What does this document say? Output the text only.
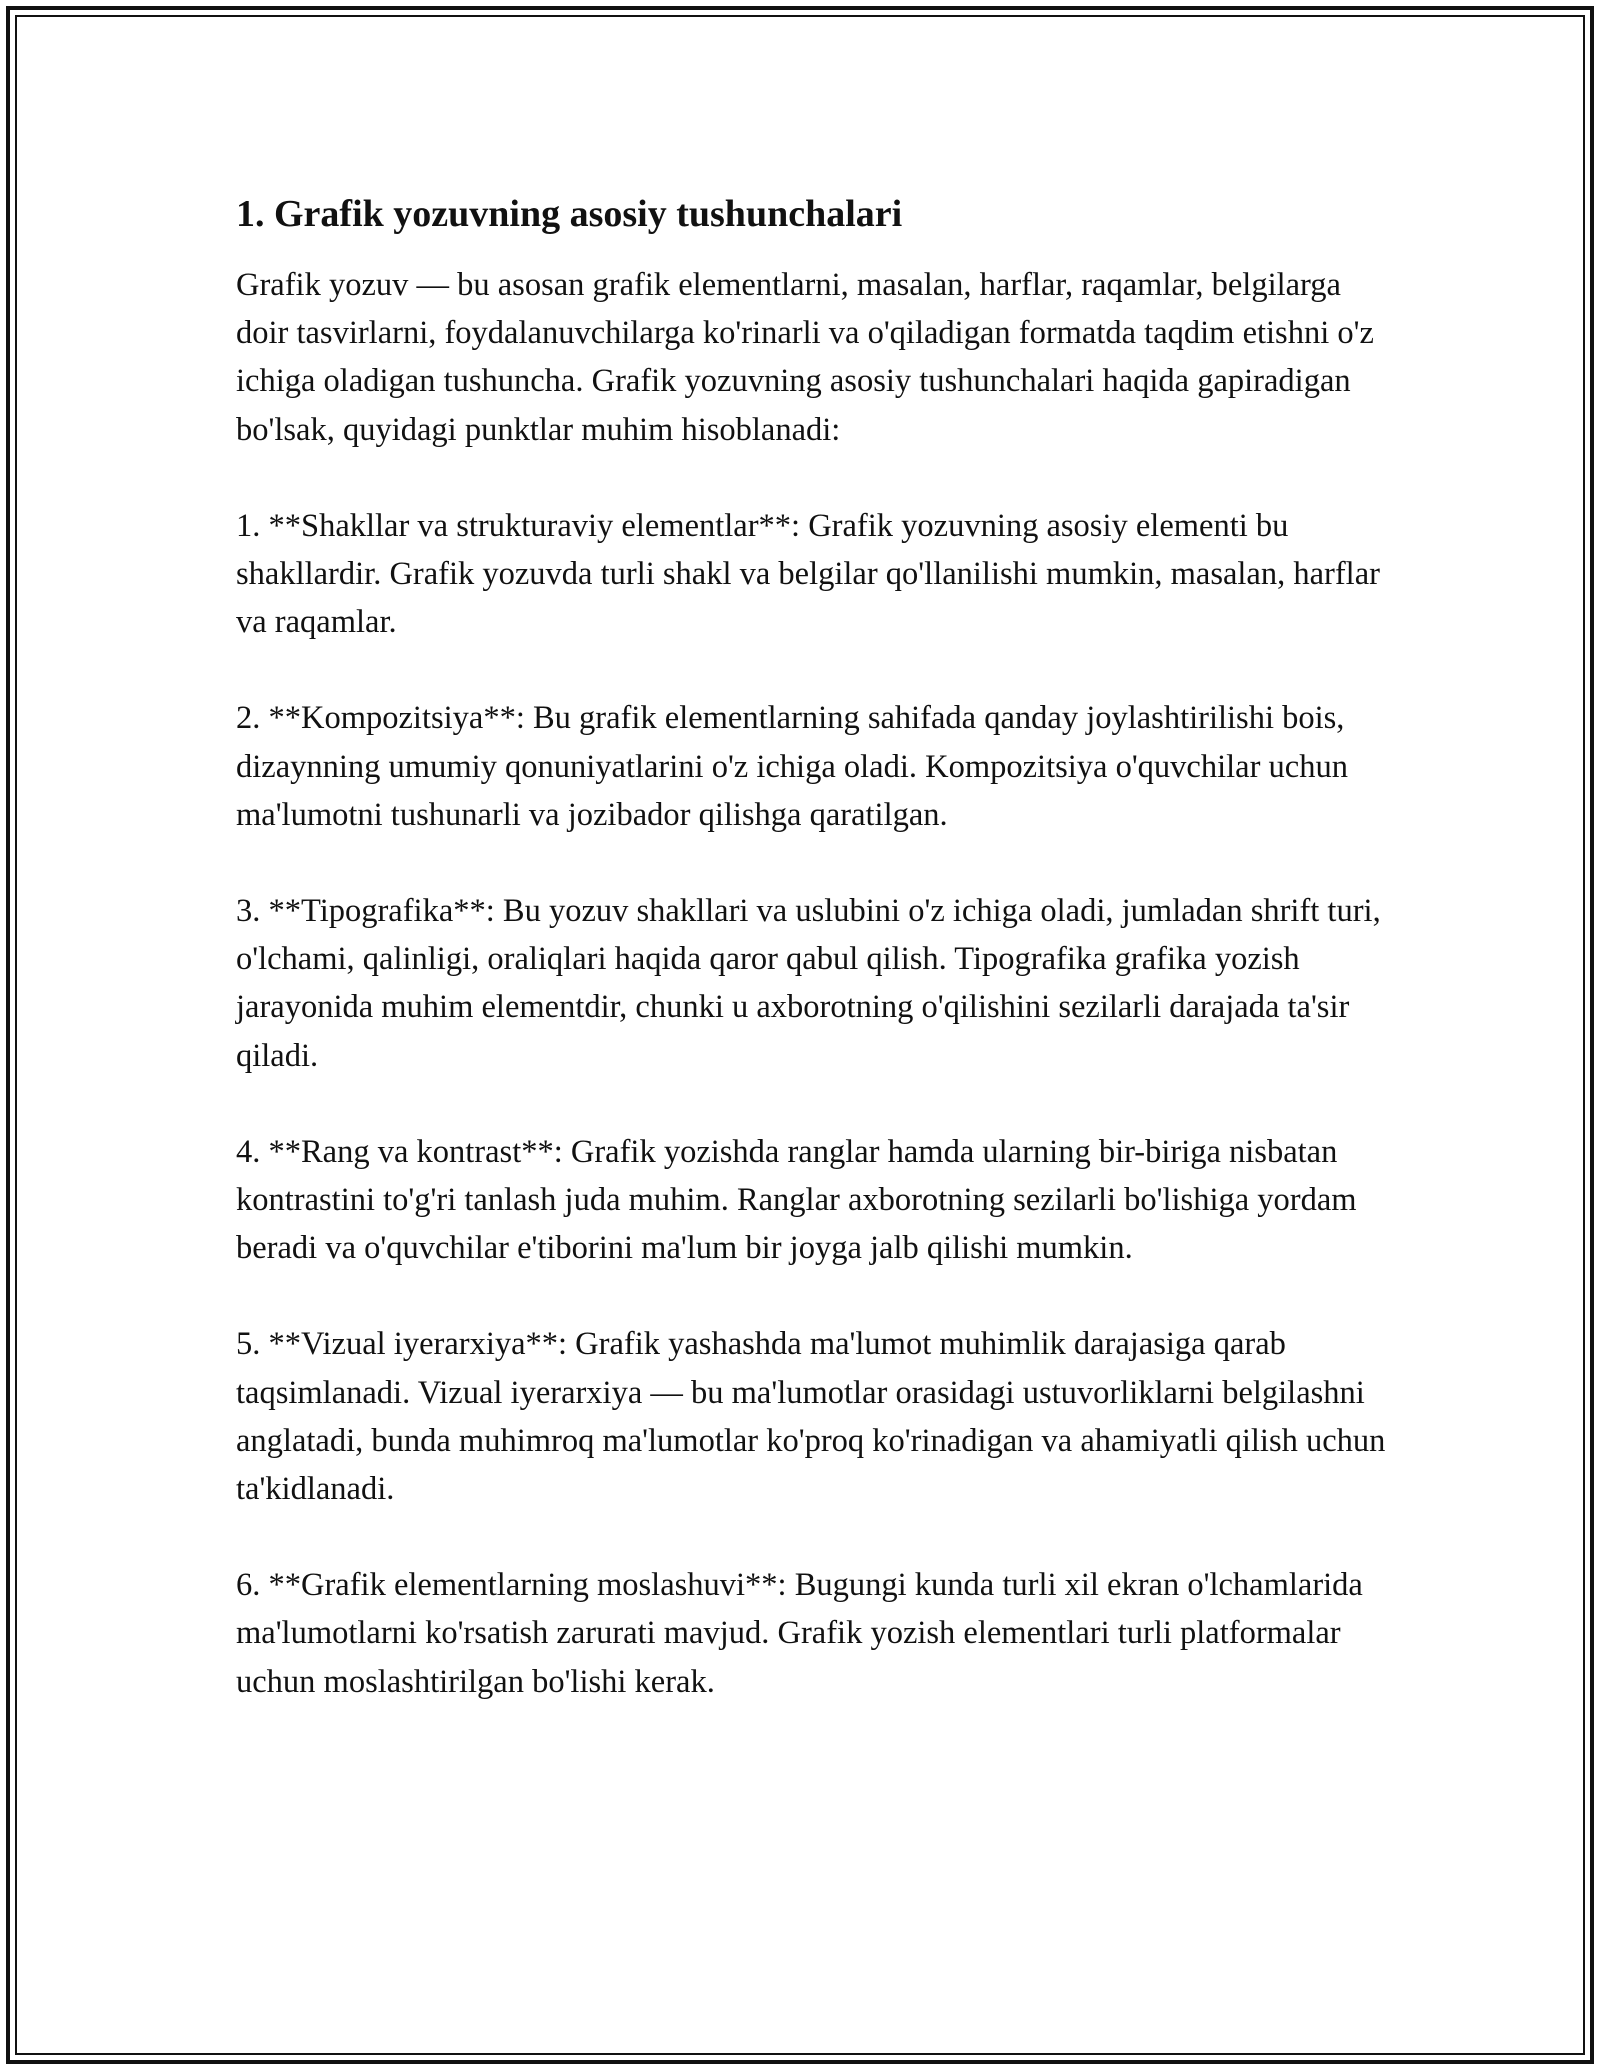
1. Grafik yozuvning asosiy tushunchalari

Grafik yozuv — bu asosan grafik elementlarni, masalan, harflar, raqamlar, belgilarga doir tasvirlarni, foydalanuvchilarga ko'rinarli va o'qiladigan formatda taqdim etishni o'z ichiga oladigan tushuncha. Grafik yozuvning asosiy tushunchalari haqida gapiradigan bo'lsak, quyidagi punktlar muhim hisoblanadi:

1. **Shakllar va strukturaviy elementlar**: Grafik yozuvning asosiy elementi bu shakllardir. Grafik yozuvda turli shakl va belgilar qo'llanilishi mumkin, masalan, harflar va raqamlar.

2. **Kompozitsiya**: Bu grafik elementlarning sahifada qanday joylashtirilishi bois, dizaynning umumiy qonuniyatlarini o'z ichiga oladi. Kompozitsiya o'quvchilar uchun ma'lumotni tushunarli va jozibador qilishga qaratilgan.

3. **Tipografika**: Bu yozuv shakllari va uslubini o'z ichiga oladi, jumladan shrift turi, o'lchami, qalinligi, oraliqlari haqida qaror qabul qilish. Tipografika grafika yozish jarayonida muhim elementdir, chunki u axborotning o'qilishini sezilarli darajada ta'sir qiladi.

4. **Rang va kontrast**: Grafik yozishda ranglar hamda ularning bir-biriga nisbatan kontrastini to'g'ri tanlash juda muhim. Ranglar axborotning sezilarli bo'lishiga yordam beradi va o'quvchilar e'tiborini ma'lum bir joyga jalb qilishi mumkin.

5. **Vizual iyerarxiya**: Grafik yashashda ma'lumot muhimlik darajasiga qarab taqsimlanadi. Vizual iyerarxiya — bu ma'lumotlar orasidagi ustuvorliklarni belgilashni anglatadi, bunda muhimroq ma'lumotlar ko'proq ko'rinadigan va ahamiyatli qilish uchun ta'kidlanadi.

6. **Grafik elementlarning moslashuvi**: Bugungi kunda turli xil ekran o'lchamlarida ma'lumotlarni ko'rsatish zarurati mavjud. Grafik yozish elementlari turli platformalar uchun moslashtirilgan bo'lishi kerak.
